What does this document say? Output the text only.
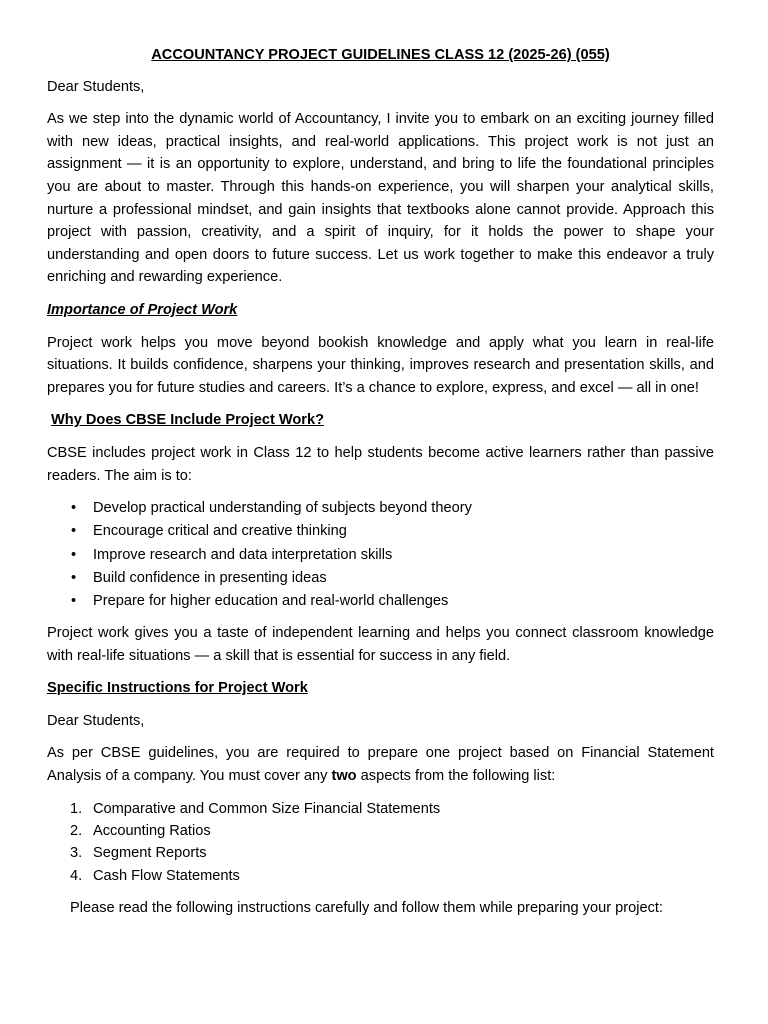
ACCOUNTANCY PROJECT GUIDELINES CLASS 12 (2025-26) (055)

Dear Students,

As we step into the dynamic world of Accountancy, I invite you to embark on an exciting journey filled with new ideas, practical insights, and real-world applications. This project work is not just an assignment — it is an opportunity to explore, understand, and bring to life the foundational principles you are about to master. Through this hands-on experience, you will sharpen your analytical skills, nurture a professional mindset, and gain insights that textbooks alone cannot provide. Approach this project with passion, creativity, and a spirit of inquiry, for it holds the power to shape your understanding and open doors to future success. Let us work together to make this endeavor a truly enriching and rewarding experience.

Importance of Project Work

Project work helps you move beyond bookish knowledge and apply what you learn in real-life situations. It builds confidence, sharpens your thinking, improves research and presentation skills, and prepares you for future studies and careers. It’s a chance to explore, express, and excel — all in one!

Why Does CBSE Include Project Work?

CBSE includes project work in Class 12 to help students become active learners rather than passive readers. The aim is to:

• Develop practical understanding of subjects beyond theory
• Encourage critical and creative thinking
• Improve research and data interpretation skills
• Build confidence in presenting ideas
• Prepare for higher education and real-world challenges

Project work gives you a taste of independent learning and helps you connect classroom knowledge with real-life situations — a skill that is essential for success in any field.

Specific Instructions for Project Work

Dear Students,

As per CBSE guidelines, you are required to prepare one project based on Financial Statement Analysis of a company. You must cover any two aspects from the following list:

1. Comparative and Common Size Financial Statements
2. Accounting Ratios
3. Segment Reports
4. Cash Flow Statements

Please read the following instructions carefully and follow them while preparing your project:
